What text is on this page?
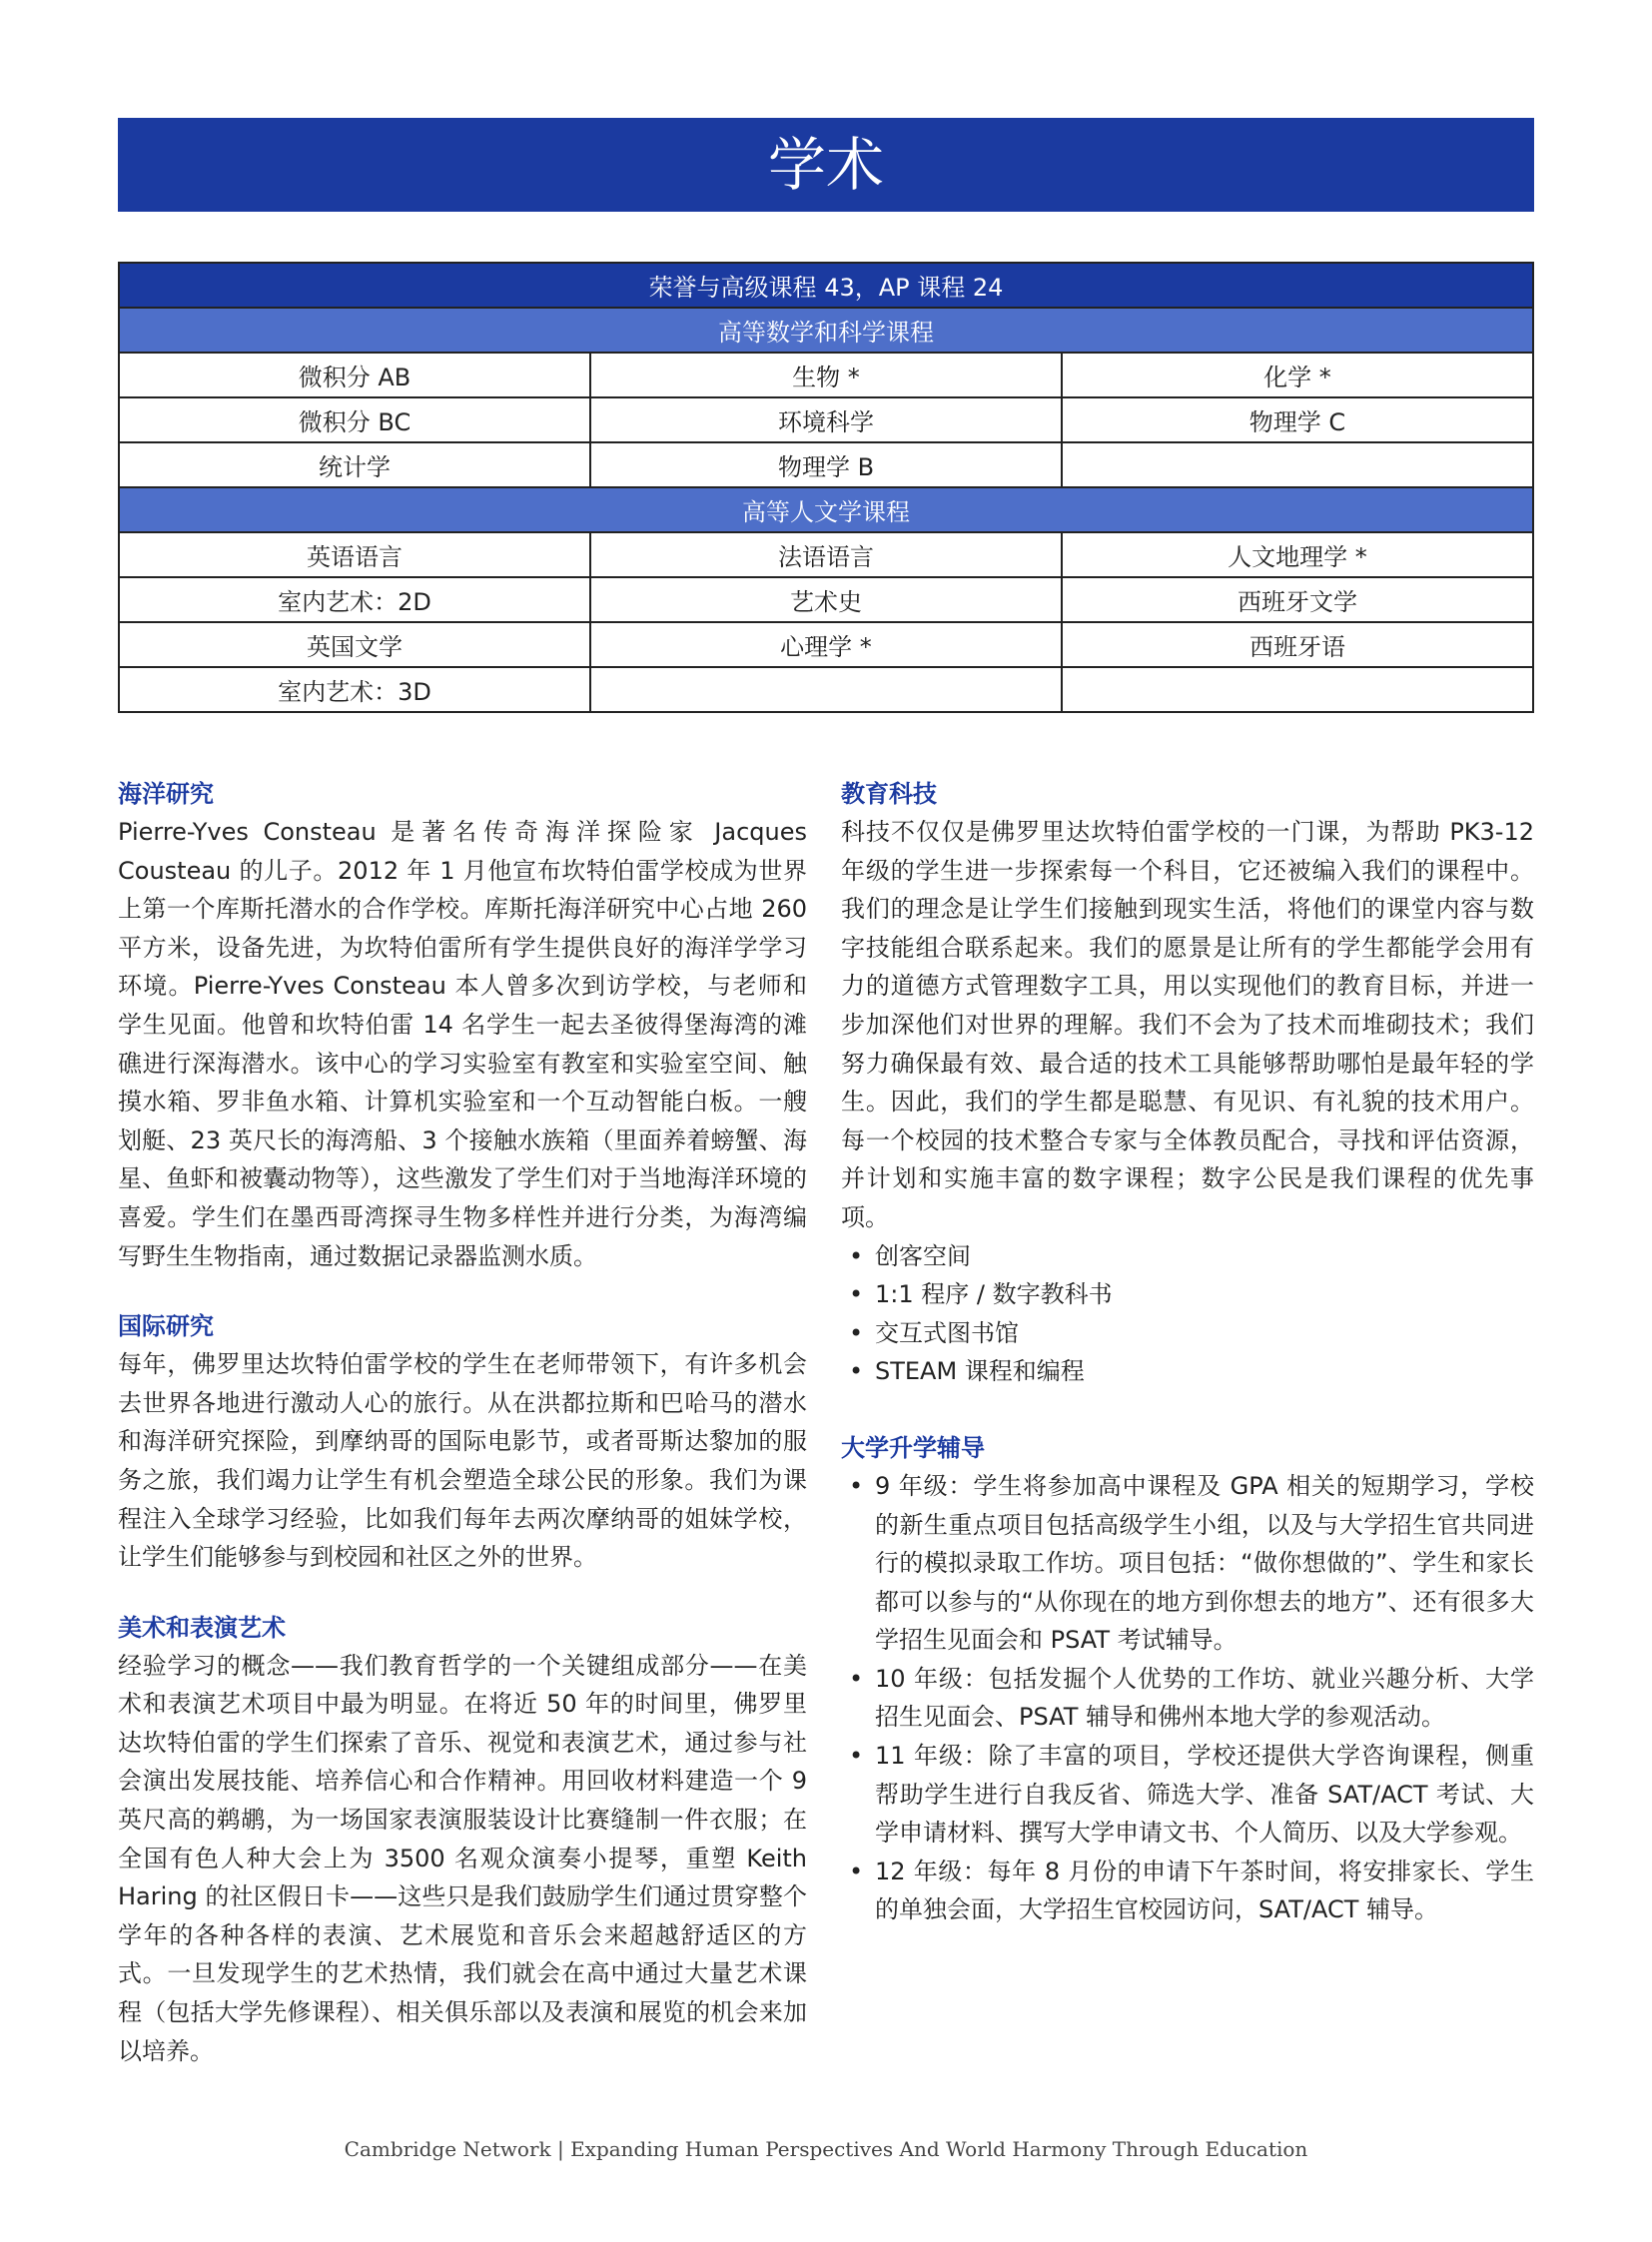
学术
荣誉与高级课程 43，AP 课程 24		
高等数学和科学课程		
微积分 AB	生物 *	化学 *
微积分 BC	环境科学	物理学 C
统计学	物理学 B	
高等人文学课程		
英语语言	法语语言	人文地理学 *
室内艺术：2D	艺术史	西班牙文学
英国文学	心理学 *	西班牙语
室内艺术：3D		
海洋研究

Pierre-Yves Consteau 是著名传奇海洋探险家 Jacques Cousteau 的儿子。2012 年 1 月他宣布坎特伯雷学校成为世界上第一个库斯托潜水的合作学校。库斯托海洋研究中心占地 260 平方米，设备先进，为坎特伯雷所有学生提供良好的海洋学学习环境。Pierre-Yves Consteau 本人曾多次到访学校，与老师和学生见面。他曾和坎特伯雷 14 名学生一起去圣彼得堡海湾的滩礁进行深海潜水。该中心的学习实验室有教室和实验室空间、触摸水箱、罗非鱼水箱、计算机实验室和一个互动智能白板。一艘划艇、23 英尺长的海湾船、3 个接触水族箱（里面养着螃蟹、海星、鱼虾和被囊动物等），这些激发了学生们对于当地海洋环境的喜爱。学生们在墨西哥湾探寻生物多样性并进行分类，为海湾编写野生生物指南，通过数据记录器监测水质。

国际研究

每年，佛罗里达坎特伯雷学校的学生在老师带领下，有许多机会去世界各地进行激动人心的旅行。从在洪都拉斯和巴哈马的潜水和海洋研究探险，到摩纳哥的国际电影节，或者哥斯达黎加的服务之旅，我们竭力让学生有机会塑造全球公民的形象。我们为课程注入全球学习经验，比如我们每年去两次摩纳哥的姐妹学校，让学生们能够参与到校园和社区之外的世界。

美术和表演艺术

经验学习的概念——我们教育哲学的一个关键组成部分——在美术和表演艺术项目中最为明显。在将近 50 年的时间里，佛罗里达坎特伯雷的学生们探索了音乐、视觉和表演艺术，通过参与社会演出发展技能、培养信心和合作精神。用回收材料建造一个 9 英尺高的鹈鹕，为一场国家表演服装设计比赛缝制一件衣服；在全国有色人种大会上为 3500 名观众演奏小提琴，重塑 Keith Haring 的社区假日卡——这些只是我们鼓励学生们通过贯穿整个学年的各种各样的表演、艺术展览和音乐会来超越舒适区的方式。一旦发现学生的艺术热情，我们就会在高中通过大量艺术课程（包括大学先修课程）、相关俱乐部以及表演和展览的机会来加以培养。

教育科技

科技不仅仅是佛罗里达坎特伯雷学校的一门课，为帮助 PK3-12 年级的学生进一步探索每一个科目，它还被编入我们的课程中。我们的理念是让学生们接触到现实生活，将他们的课堂内容与数字技能组合联系起来。我们的愿景是让所有的学生都能学会用有力的道德方式管理数字工具，用以实现他们的教育目标，并进一步加深他们对世界的理解。我们不会为了技术而堆砌技术；我们努力确保最有效、最合适的技术工具能够帮助哪怕是最年轻的学生。因此，我们的学生都是聪慧、有见识、有礼貌的技术用户。每一个校园的技术整合专家与全体教员配合，寻找和评估资源，并计划和实施丰富的数字课程；数字公民是我们课程的优先事项。

• 创客空间
• 1:1 程序 / 数字教科书
• 交互式图书馆
• STEAM 课程和编程
大学升学辅导
• 9 年级：学生将参加高中课程及 GPA 相关的短期学习，学校的新生重点项目包括高级学生小组，以及与大学招生官共同进行的模拟录取工作坊。项目包括：“做你想做的”、学生和家长都可以参与的“从你现在的地方到你想去的地方”、还有很多大学招生见面会和 PSAT 考试辅导。
• 10 年级：包括发掘个人优势的工作坊、就业兴趣分析、大学招生见面会、PSAT 辅导和佛州本地大学的参观活动。
• 11 年级：除了丰富的项目，学校还提供大学咨询课程，侧重帮助学生进行自我反省、筛选大学、准备 SAT/ACT 考试、大学申请材料、撰写大学申请文书、个人简历、以及大学参观。
• 12 年级：每年 8 月份的申请下午茶时间，将安排家长、学生的单独会面，大学招生官校园访问，SAT/ACT 辅导。
Cambridge Network | Expanding Human Perspectives And World Harmony Through Education
